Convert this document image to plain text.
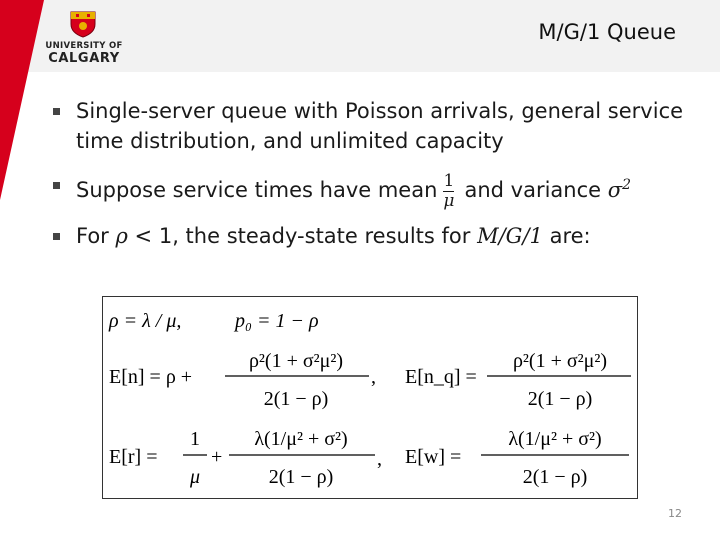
UNIVERSITY OF
CALGARY
M/G/1 Queue
Single-server queue with Poisson arrivals, general service time distribution, and unlimited capacity
Suppose service times have mean $\frac{1}{\mu}$ and variance $\sigma^2$
For ρ < 1, the steady-state results for M/G/1 are:
ρ = λ / μ,	p₀ = 1 − ρ
E[n] = ρ +
ρ²(1 + σ²μ²)
2(1 − ρ)
, E[n_q] =
ρ²(1 + σ²μ²)
2(1 − ρ)
E[r] =
1
μ
+
λ(1/μ² + σ²)
2(1 − ρ)
, E[w] =
λ(1/μ² + σ²)
2(1 − ρ)
12
